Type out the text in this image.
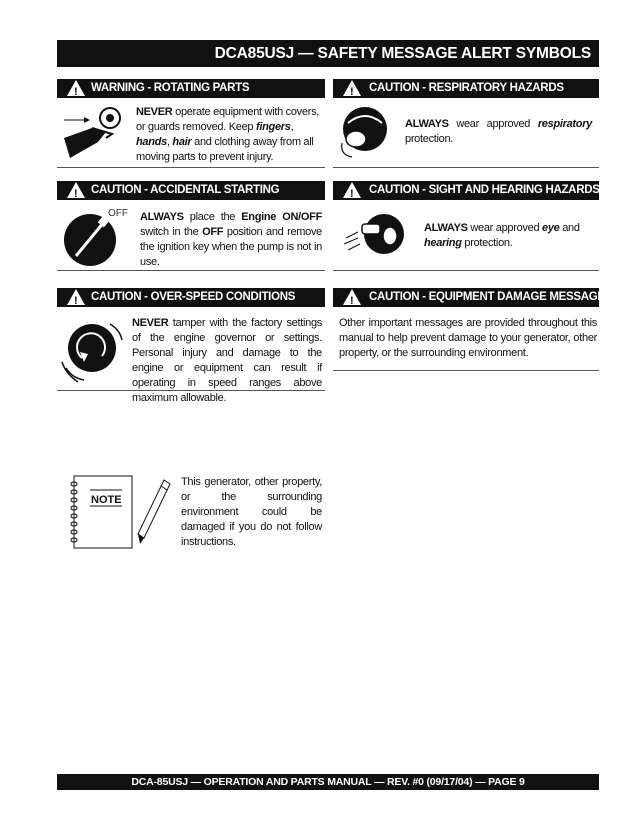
DCA85USJ — SAFETY MESSAGE ALERT SYMBOLS
!
WARNING - ROTATING PARTS
NEVER operate equipment with covers, or guards removed. Keep fingers, hands, hair and clothing away from all moving parts to prevent injury.
!
CAUTION - RESPIRATORY HAZARDS
ALWAYS wear approved respiratory protection.
!
CAUTION - ACCIDENTAL STARTING
OFF ALWAYS place the Engine ON/OFF switch in the OFF position and remove the ignition key when the pump is not in use.
!
CAUTION - SIGHT AND HEARING HAZARDS
ALWAYS wear approved eye and hearing protection.
!
CAUTION - OVER-SPEED CONDITIONS
NEVER tamper with the factory settings of the engine governor or settings. Personal injury and damage to the engine or equipment can result if operating in speed ranges above maximum allowable.
!
CAUTION - EQUIPMENT DAMAGE MESSAGES
Other important messages are provided throughout this manual to help prevent damage to your generator, other property, or the surrounding environment.
NOTE
This generator, other property, or the surrounding environment could be damaged if you do not follow instructions.
DCA-85USJ — OPERATION AND PARTS MANUAL — REV. #0 (09/17/04) — PAGE 9
